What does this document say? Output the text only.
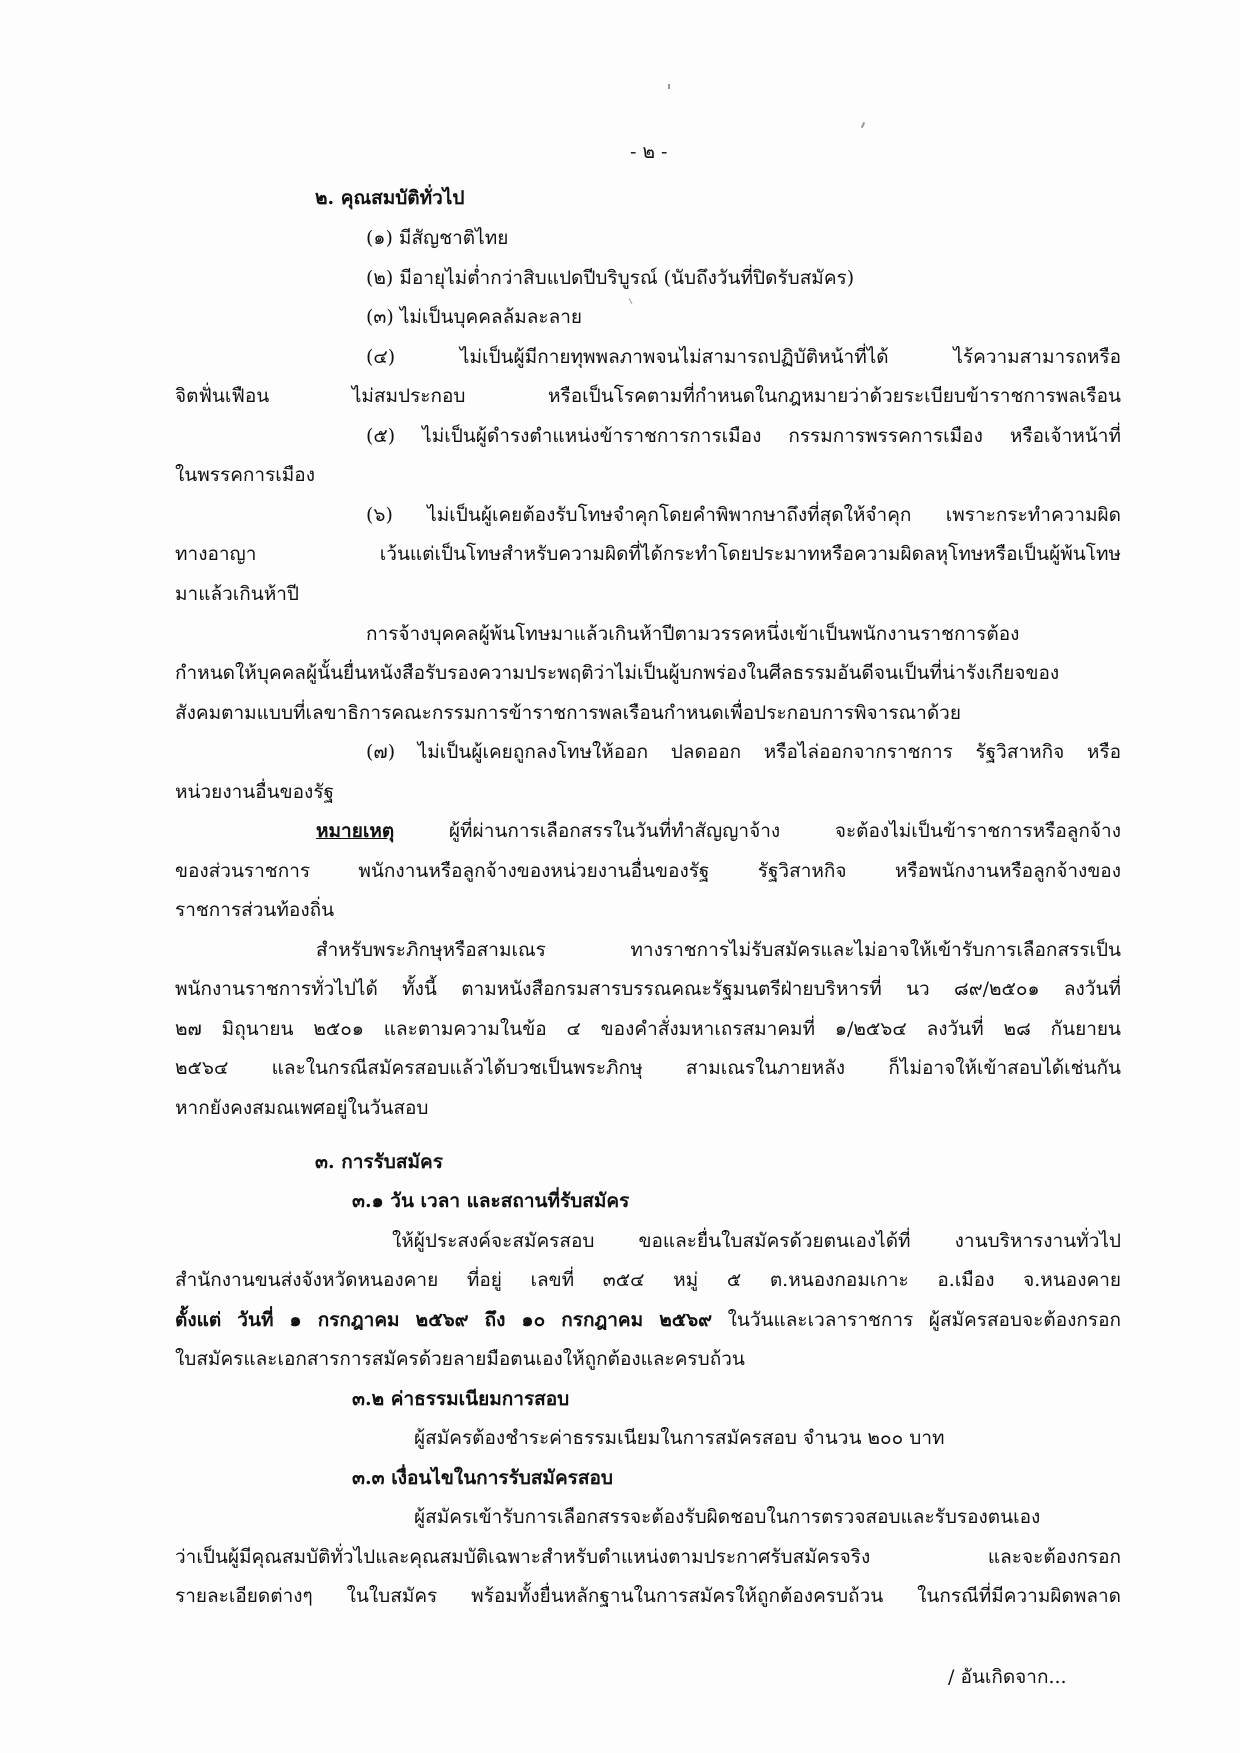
- ๒ -
๒. คุณสมบัติทั่วไป
(๑) มีสัญชาติไทย
(๒) มีอายุไม่ต่ำกว่าสิบแปดปีบริบูรณ์ (นับถึงวันที่ปิดรับสมัคร)
(๓) ไม่เป็นบุคคลล้มละลาย
(๔) ไม่เป็นผู้มีกายทุพพลภาพจนไม่สามารถปฏิบัติหน้าที่ได้ ไร้ความสามารถหรือ
จิตฟั่นเฟือน ไม่สมประกอบ หรือเป็นโรคตามที่กำหนดในกฎหมายว่าด้วยระเบียบข้าราชการพลเรือน
(๕) ไม่เป็นผู้ดำรงตำแหน่งข้าราชการการเมือง กรรมการพรรคการเมือง หรือเจ้าหน้าที่
ในพรรคการเมือง
(๖) ไม่เป็นผู้เคยต้องรับโทษจำคุกโดยคำพิพากษาถึงที่สุดให้จำคุก เพราะกระทำความผิด
ทางอาญา เว้นแต่เป็นโทษสำหรับความผิดที่ได้กระทำโดยประมาทหรือความผิดลหุโทษหรือเป็นผู้พ้นโทษ
มาแล้วเกินห้าปี
การจ้างบุคคลผู้พ้นโทษมาแล้วเกินห้าปีตามวรรคหนึ่งเข้าเป็นพนักงานราชการต้อง
กำหนดให้บุคคลผู้นั้นยื่นหนังสือรับรองความประพฤติว่าไม่เป็นผู้บกพร่องในศีลธรรมอันดีจนเป็นที่น่ารังเกียจของ
สังคมตามแบบที่เลขาธิการคณะกรรมการข้าราชการพลเรือนกำหนดเพื่อประกอบการพิจารณาด้วย
(๗) ไม่เป็นผู้เคยถูกลงโทษให้ออก ปลดออก หรือไล่ออกจากราชการ รัฐวิสาหกิจ หรือ
หน่วยงานอื่นของรัฐ
หมายเหตุ ผู้ที่ผ่านการเลือกสรรในวันที่ทำสัญญาจ้าง จะต้องไม่เป็นข้าราชการหรือลูกจ้าง
ของส่วนราชการ พนักงานหรือลูกจ้างของหน่วยงานอื่นของรัฐ รัฐวิสาหกิจ หรือพนักงานหรือลูกจ้างของ
ราชการส่วนท้องถิ่น
สำหรับพระภิกษุหรือสามเณร ทางราชการไม่รับสมัครและไม่อาจให้เข้ารับการเลือกสรรเป็น
พนักงานราชการทั่วไปได้ ทั้งนี้ ตามหนังสือกรมสารบรรณคณะรัฐมนตรีฝ่ายบริหารที่ นว ๘๙/๒๕๐๑ ลงวันที่
๒๗ มิถุนายน ๒๕๐๑ และตามความในข้อ ๔ ของคำสั่งมหาเถรสมาคมที่ ๑/๒๕๖๔ ลงวันที่ ๒๘ กันยายน
๒๕๖๔ และในกรณีสมัครสอบแล้วได้บวชเป็นพระภิกษุ สามเณรในภายหลัง ก็ไม่อาจให้เข้าสอบได้เช่นกัน
หากยังคงสมณเพศอยู่ในวันสอบ
๓. การรับสมัคร
๓.๑ วัน เวลา และสถานที่รับสมัคร
ให้ผู้ประสงค์จะสมัครสอบ ขอและยื่นใบสมัครด้วยตนเองได้ที่ งานบริหารงานทั่วไป
สำนักงานขนส่งจังหวัดหนองคาย ที่อยู่ เลขที่ ๓๕๔ หมู่ ๕ ต.หนองกอมเกาะ อ.เมือง จ.หนองคาย
ตั้งแต่ วันที่ ๑ กรกฎาคม ๒๕๖๙ ถึง ๑๐ กรกฎาคม ๒๕๖๙ ในวันและเวลาราชการ ผู้สมัครสอบจะต้องกรอก
ใบสมัครและเอกสารการสมัครด้วยลายมือตนเองให้ถูกต้องและครบถ้วน
๓.๒ ค่าธรรมเนียมการสอบ
ผู้สมัครต้องชำระค่าธรรมเนียมในการสมัครสอบ จำนวน ๒๐๐ บาท
๓.๓ เงื่อนไขในการรับสมัครสอบ
ผู้สมัครเข้ารับการเลือกสรรจะต้องรับผิดชอบในการตรวจสอบและรับรองตนเอง
ว่าเป็นผู้มีคุณสมบัติทั่วไปและคุณสมบัติเฉพาะสำหรับตำแหน่งตามประกาศรับสมัครจริง และจะต้องกรอก
รายละเอียดต่างๆ ในใบสมัคร พร้อมทั้งยื่นหลักฐานในการสมัครให้ถูกต้องครบถ้วน ในกรณีที่มีความผิดพลาด
/ อันเกิดจาก...
